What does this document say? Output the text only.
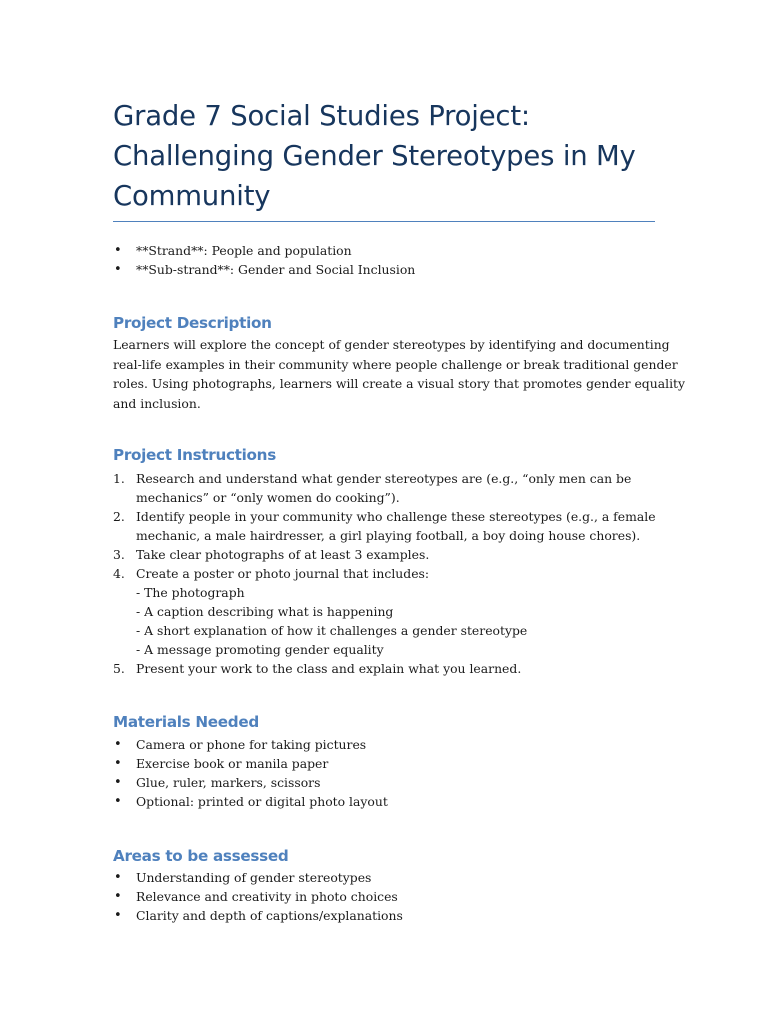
Grade 7 Social Studies Project:
Challenging Gender Stereotypes in My
Community
• **Strand**: People and population
• **Sub-strand**: Gender and Social Inclusion
Project Description

Learners will explore the concept of gender stereotypes by identifying and documenting
real-life examples in their community where people challenge or break traditional gender
roles. Using photographs, learners will create a visual story that promotes gender equality
and inclusion.

Project Instructions
1. Research and understand what gender stereotypes are (e.g., “only men can be
mechanics” or “only women do cooking”).
2. Identify people in your community who challenge these stereotypes (e.g., a female
mechanic, a male hairdresser, a girl playing football, a boy doing house chores).
3. Take clear photographs of at least 3 examples.
4. Create a poster or photo journal that includes:
- The photograph
- A caption describing what is happening
- A short explanation of how it challenges a gender stereotype
- A message promoting gender equality
5. Present your work to the class and explain what you learned.
Materials Needed
• Camera or phone for taking pictures
• Exercise book or manila paper
• Glue, ruler, markers, scissors
• Optional: printed or digital photo layout
Areas to be assessed
• Understanding of gender stereotypes
• Relevance and creativity in photo choices
• Clarity and depth of captions/explanations
